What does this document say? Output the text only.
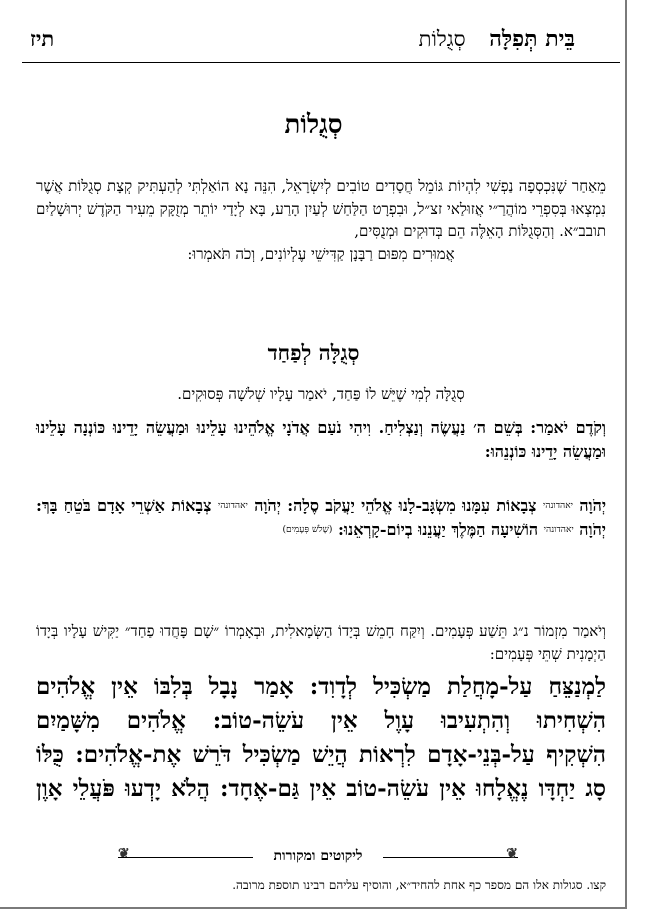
בֵּית תְּפִלָּה סְגֻלוֹת
תיז
סְגֻלוֹת
מֵאַחַר שֶׁנִּכְסְפָה נַפְשִׁי לִהְיוֹת גּוֹמֵל חֲסָדִים טוֹבִים לְיִשְׂרָאֵל, הִנֵּה נָא הוֹאַלְתִּי לְהַעְתִּיק קְצָת סְגֻלּוֹת אֲשֶׁר נִמְצְאוּ בְּסִפְרֵי מוֹהֲרַ״י אֲזוּלַאי זצ״ל, וּבִפְרָט הַלַּחַשׁ לְעַיִן הָרַע, בָּא לְיָדַי יוֹתֵר מְזֻקָּק מֵעִיר הַקֹּדֶשׁ יְרוּשָׁלַיִם תובב״א. וְהַסְּגֻלּוֹת הָאֵלֶּה הֵם בְּדוּקִים וּמְנֻסִּים,
אֲמוּרִים מִפּוּם רַבָּנָן קַדִּישֵׁי עֶלְיוֹנִים, וְכֹה תֹּאמְרוּ:
סְגֻלָּה לְפַחַד
סְגֻלָּה לְמִי שֶׁיֵּשׁ לוֹ פַּחַד, יֹאמַר עָלָיו שְׁלשָׁה פְּסוּקִים.
וְקֹדֶם יֹאמַר: בְּשֵׁם ה׳ נַעֲשֶׂה וְנַצְלִיחַ. וִיהִי נֹעַם אֲדֹנָי אֱלֹהֵינוּ עָלֵינוּ וּמַעֲשֵׂה יָדֵינוּ כּוֹנְנָה עָלֵינוּ וּמַעֲשֵׂה יָדֵינוּ כּוֹנְנֵהוּ:
יְהֹוָה $^{יאהדונהי}$ צְבָאוֹת עִמָּנוּ מִשְׂגָּב-לָנוּ אֱלֹהֵי יַעֲקֹב סֶלָה: יְהֹוָה $^{יאהדונהי}$ צְבָאוֹת אַשְׁרֵי אָדָם בֹּטֵחַ בָּךְ: יְהֹוָה $^{יאהדונהי}$ הוֹשִׁיעָה הַמֶּלֶךְ יַעֲנֵנוּ בְיוֹם-קָרְאֵנוּ: $^{(שָׁלֹשׁ פְּעָמִים)}$
וְיֹאמַר מִזְמוֹר נ״ג תֵּשַׁע פְּעָמִים. וְיִקַּח חָמֵשׁ בְּיָדוֹ הַשְּׂמָאלִית, וּבְאָמְרוֹ ״שָׁם פָּחֲדוּ פַחַד״ יַקִּישׁ עָלָיו בְּיָדוֹ הַיְמָנִית שְׁתֵּי פְּעָמִים:
לַמְנַצֵּחַ עַל-מָחֲלַת מַשְׂכִּיל לְדָוִד: אָמַר נָבָל בְּלִבּוֹ אֵין אֱלֹהִים
הִשְׁחִיתוּ וְהִתְעִיבוּ עָוֶל אֵין עֹשֵׂה-טוֹב: אֱלֹהִים מִשָּׁמַיִם
הִשְׁקִיף עַל-בְּנֵי-אָדָם לִרְאוֹת הֲיֵשׁ מַשְׂכִּיל דֹּרֵשׁ אֶת-אֱלֹהִים: כֻּלּוֹ
סָג יַחְדָּו נֶאֱלָחוּ אֵין עֹשֵׂה-טוֹב אֵין גַּם-אֶחָד: הֲלֹא יָדְעוּ פֹּעֲלֵי אָוֶן
❦	ליקוטים ומקורות	❦
קצו. סגולות אלו הם מספר כף אחת להחיד״א, והוסיף עליהם רבינו תוספת מרובה.
